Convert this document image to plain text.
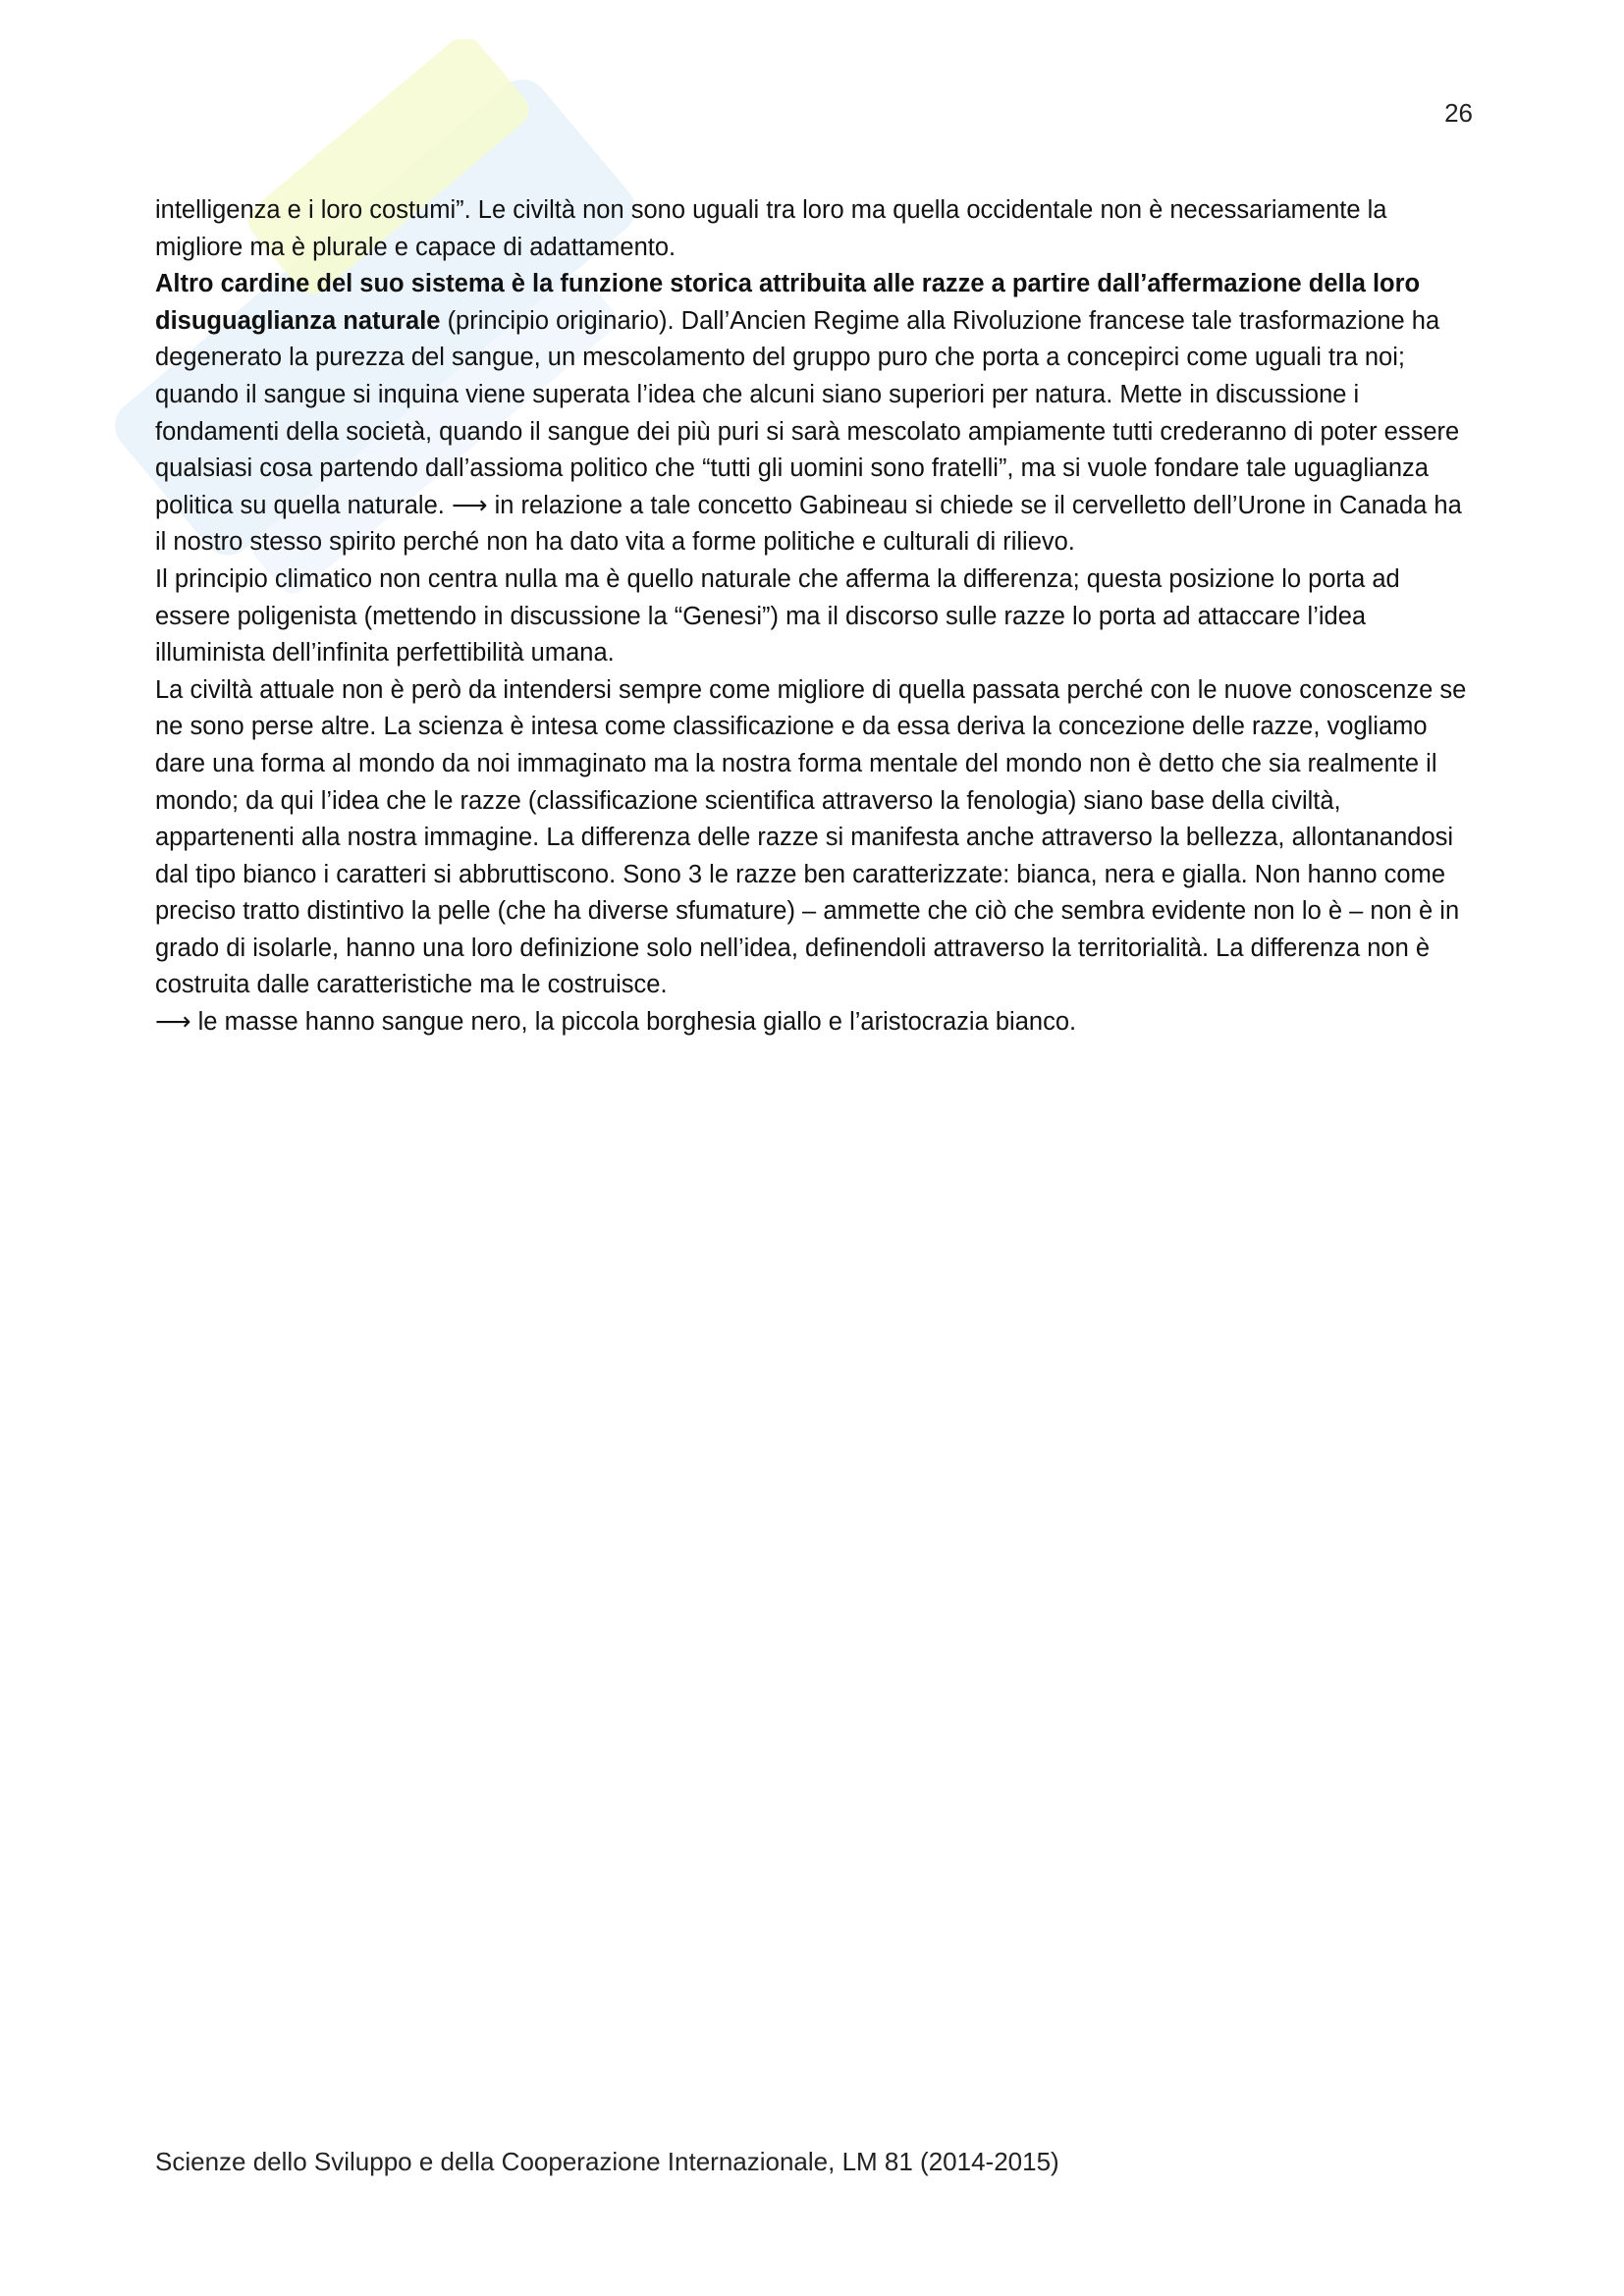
26

intelligenza e i loro costumi”. Le civiltà non sono uguali tra loro ma quella occidentale non è necessariamente la migliore ma è plurale e capace di adattamento.

Altro cardine del suo sistema è la funzione storica attribuita alle razze a partire dall’affermazione della loro disuguaglianza naturale (principio originario). Dall’Ancien Regime alla Rivoluzione francese tale trasformazione ha degenerato la purezza del sangue, un mescolamento del gruppo puro che porta a concepirci come uguali tra noi; quando il sangue si inquina viene superata l’idea che alcuni siano superiori per natura. Mette in discussione i fondamenti della società, quando il sangue dei più puri si sarà mescolato ampiamente tutti crederanno di poter essere qualsiasi cosa partendo dall’assioma politico che “tutti gli uomini sono fratelli”, ma si vuole fondare tale uguaglianza politica su quella naturale. ⟶ in relazione a tale concetto Gabineau si chiede se il cervelletto dell’Urone in Canada ha il nostro stesso spirito perché non ha dato vita a forme politiche e culturali di rilievo.

Il principio climatico non centra nulla ma è quello naturale che afferma la differenza; questa posizione lo porta ad essere poligenista (mettendo in discussione la “Genesi”) ma il discorso sulle razze lo porta ad attaccare l’idea illuminista dell’infinita perfettibilità umana.

La civiltà attuale non è però da intendersi sempre come migliore di quella passata perché con le nuove conoscenze se ne sono perse altre. La scienza è intesa come classificazione e da essa deriva la concezione delle razze, vogliamo dare una forma al mondo da noi immaginato ma la nostra forma mentale del mondo non è detto che sia realmente il mondo; da qui l’idea che le razze (classificazione scientifica attraverso la fenologia) siano base della civiltà, appartenenti alla nostra immagine. La differenza delle razze si manifesta anche attraverso la bellezza, allontanandosi dal tipo bianco i caratteri si abbruttiscono. Sono 3 le razze ben caratterizzate: bianca, nera e gialla. Non hanno come preciso tratto distintivo la pelle (che ha diverse sfumature) – ammette che ciò che sembra evidente non lo è – non è in grado di isolarle, hanno una loro definizione solo nell’idea, definendoli attraverso la territorialità. La differenza non è costruita dalle caratteristiche ma le costruisce.

⟶ le masse hanno sangue nero, la piccola borghesia giallo e l’aristocrazia bianco.

Scienze dello Sviluppo e della Cooperazione Internazionale, LM 81 (2014-2015)
